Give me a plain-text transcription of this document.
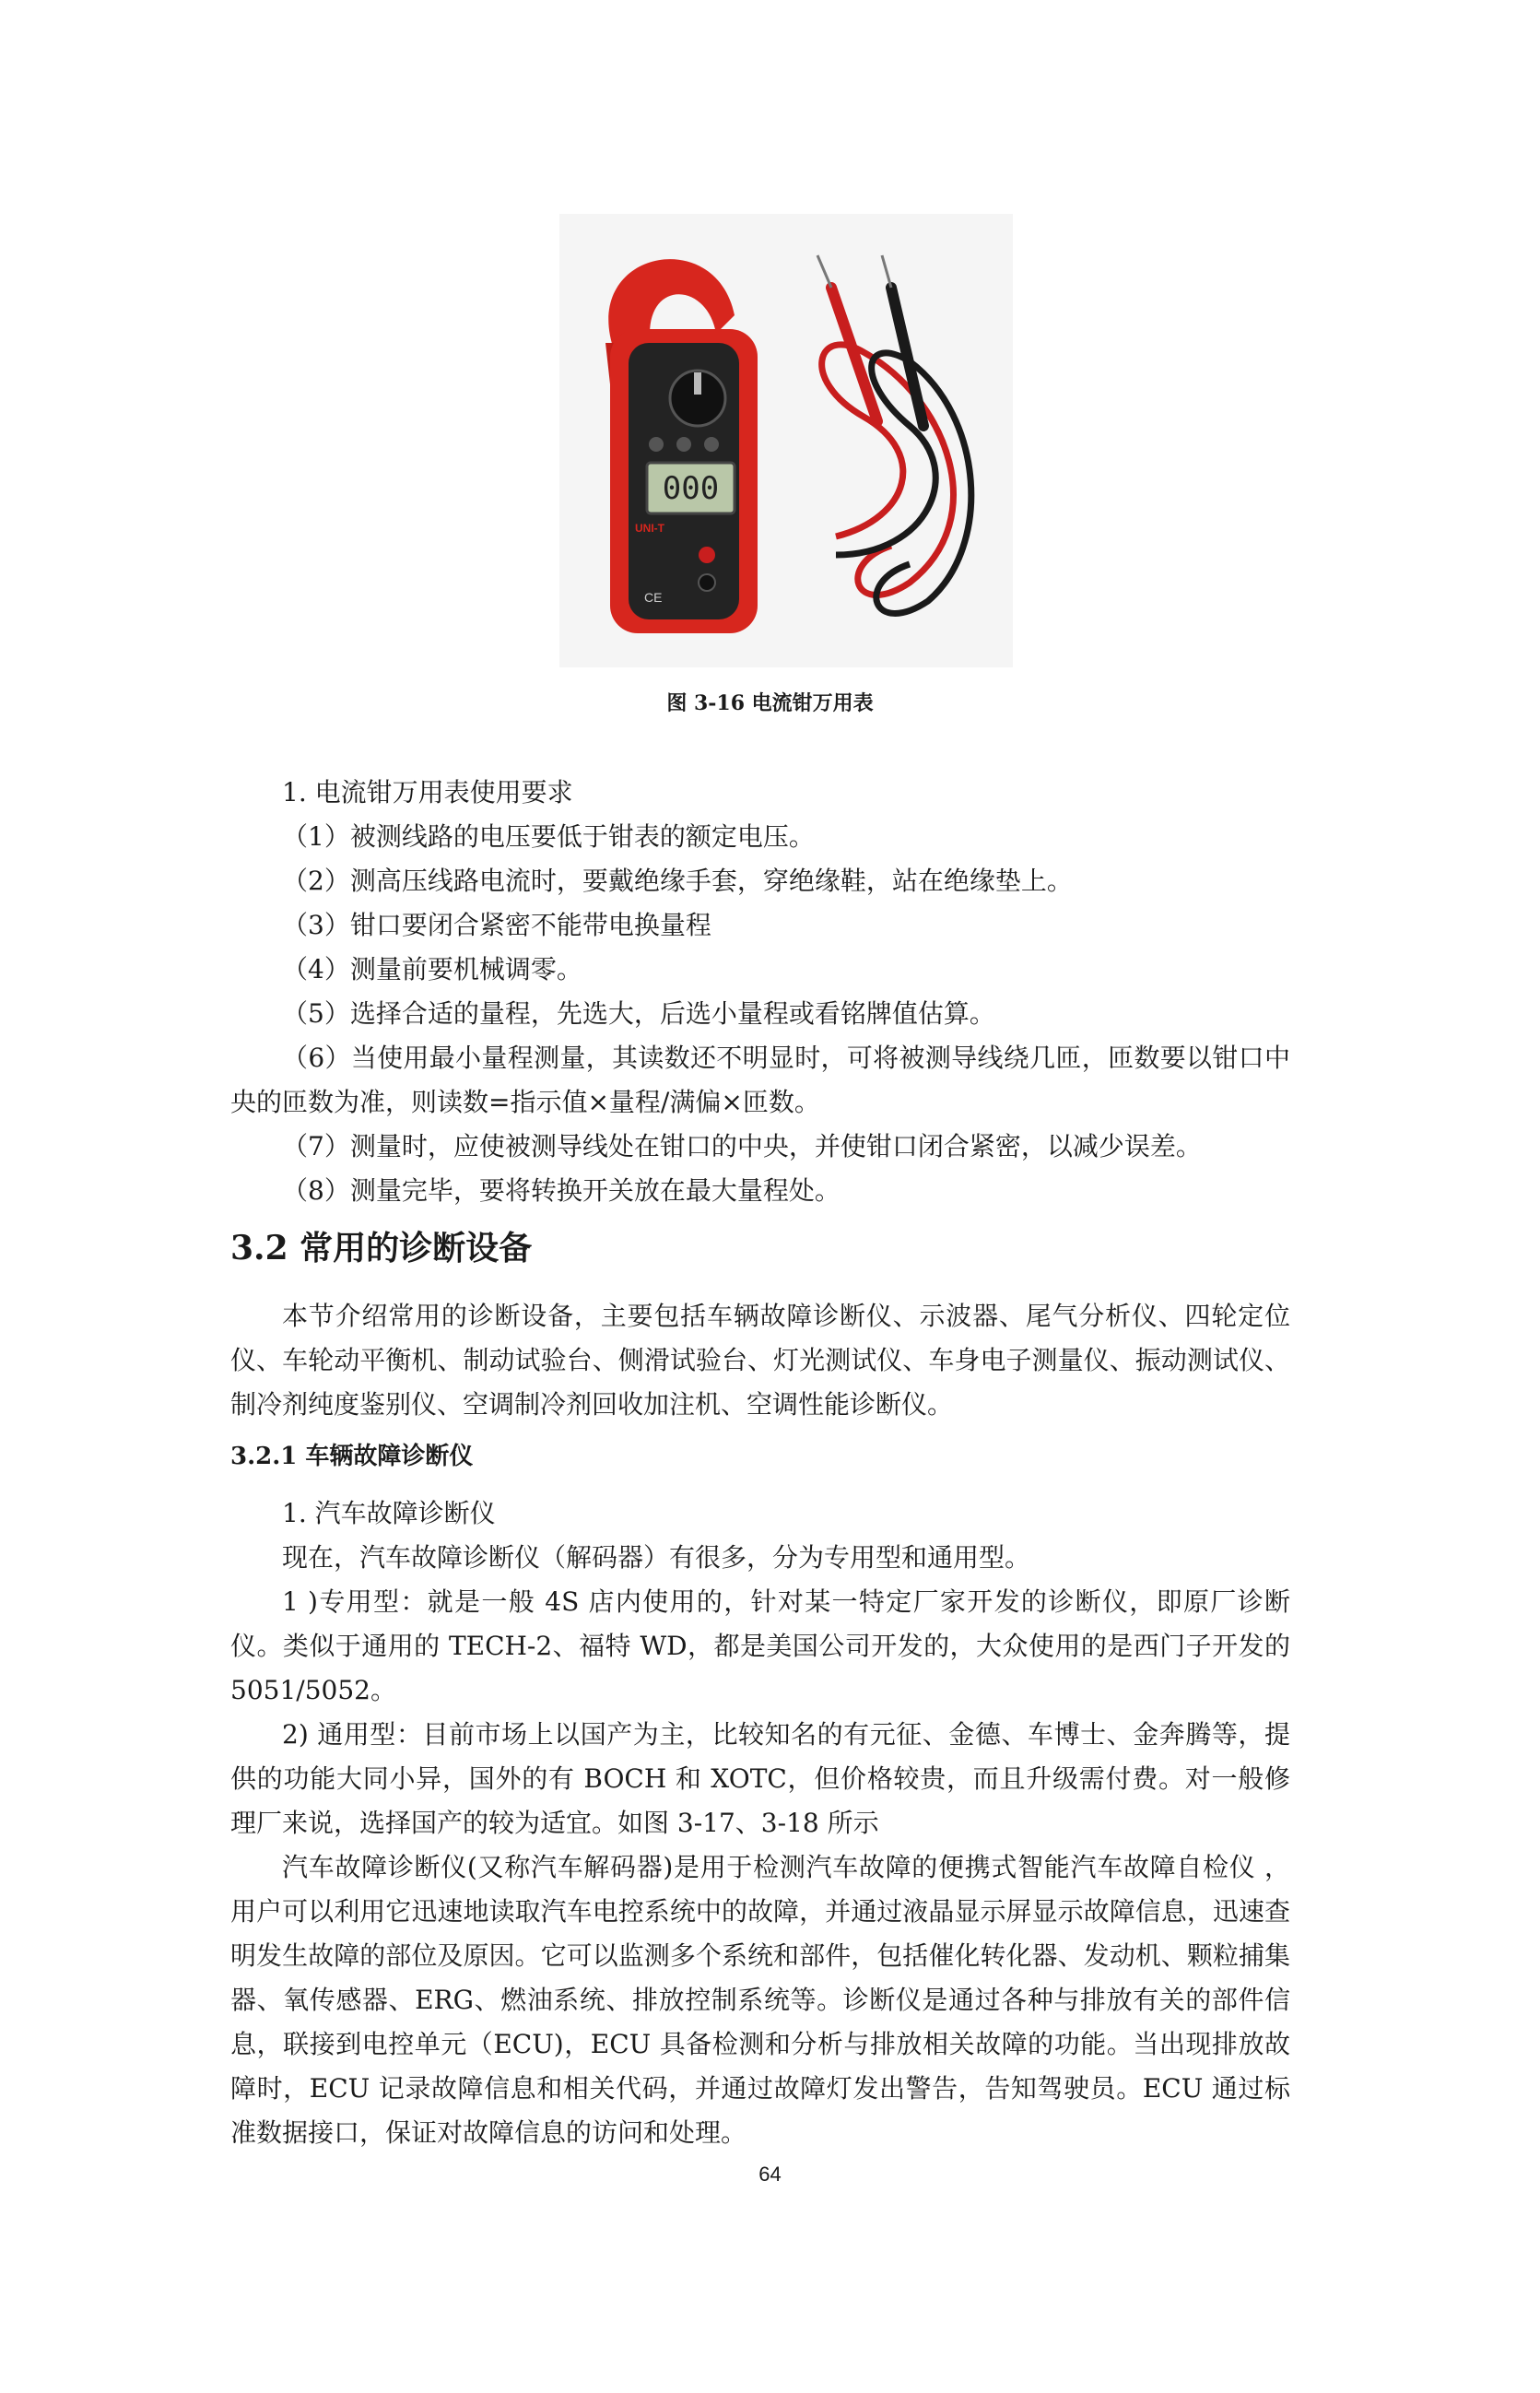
000
UNI-T
CE
图 3-16 电流钳万用表

1. 电流钳万用表使用要求

（1）被测线路的电压要低于钳表的额定电压。

（2）测高压线路电流时，要戴绝缘手套，穿绝缘鞋，站在绝缘垫上。

（3）钳口要闭合紧密不能带电换量程

（4）测量前要机械调零。

（5）选择合适的量程，先选大，后选小量程或看铭牌值估算。

（6）当使用最小量程测量，其读数还不明显时，可将被测导线绕几匝，匝数要以钳口中央的匝数为准，则读数=指示值×量程/满偏×匝数。

（7）测量时，应使被测导线处在钳口的中央，并使钳口闭合紧密，以减少误差。

（8）测量完毕，要将转换开关放在最大量程处。

3.2 常用的诊断设备

本节介绍常用的诊断设备，主要包括车辆故障诊断仪、示波器、尾气分析仪、四轮定位仪、车轮动平衡机、制动试验台、侧滑试验台、灯光测试仪、车身电子测量仪、振动测试仪、制冷剂纯度鉴别仪、空调制冷剂回收加注机、空调性能诊断仪。

3.2.1 车辆故障诊断仪

1. 汽车故障诊断仪

现在，汽车故障诊断仪（解码器）有很多，分为专用型和通用型。

1 )专用型：就是一般 4S 店内使用的，针对某一特定厂家开发的诊断仪，即原厂诊断仪。类似于通用的 TECH-2、福特 WD，都是美国公司开发的，大众使用的是西门子开发的 5051/5052。

2) 通用型：目前市场上以国产为主，比较知名的有元征、金德、车博士、金奔腾等，提供的功能大同小异，国外的有 BOCH 和 XOTC，但价格较贵，而且升级需付费。对一般修理厂来说，选择国产的较为适宜。如图 3-17、3-18 所示

汽车故障诊断仪(又称汽车解码器)是用于检测汽车故障的便携式智能汽车故障自检仪 ，用户可以利用它迅速地读取汽车电控系统中的故障，并通过液晶显示屏显示故障信息，迅速查明发生故障的部位及原因。它可以监测多个系统和部件，包括催化转化器、发动机、颗粒捕集器、氧传感器、ERG、燃油系统、排放控制系统等。诊断仪是通过各种与排放有关的部件信息，联接到电控单元（ECU)，ECU 具备检测和分析与排放相关故障的功能。当出现排放故障时，ECU 记录故障信息和相关代码，并通过故障灯发出警告，告知驾驶员。ECU 通过标准数据接口，保证对故障信息的访问和处理。

64
